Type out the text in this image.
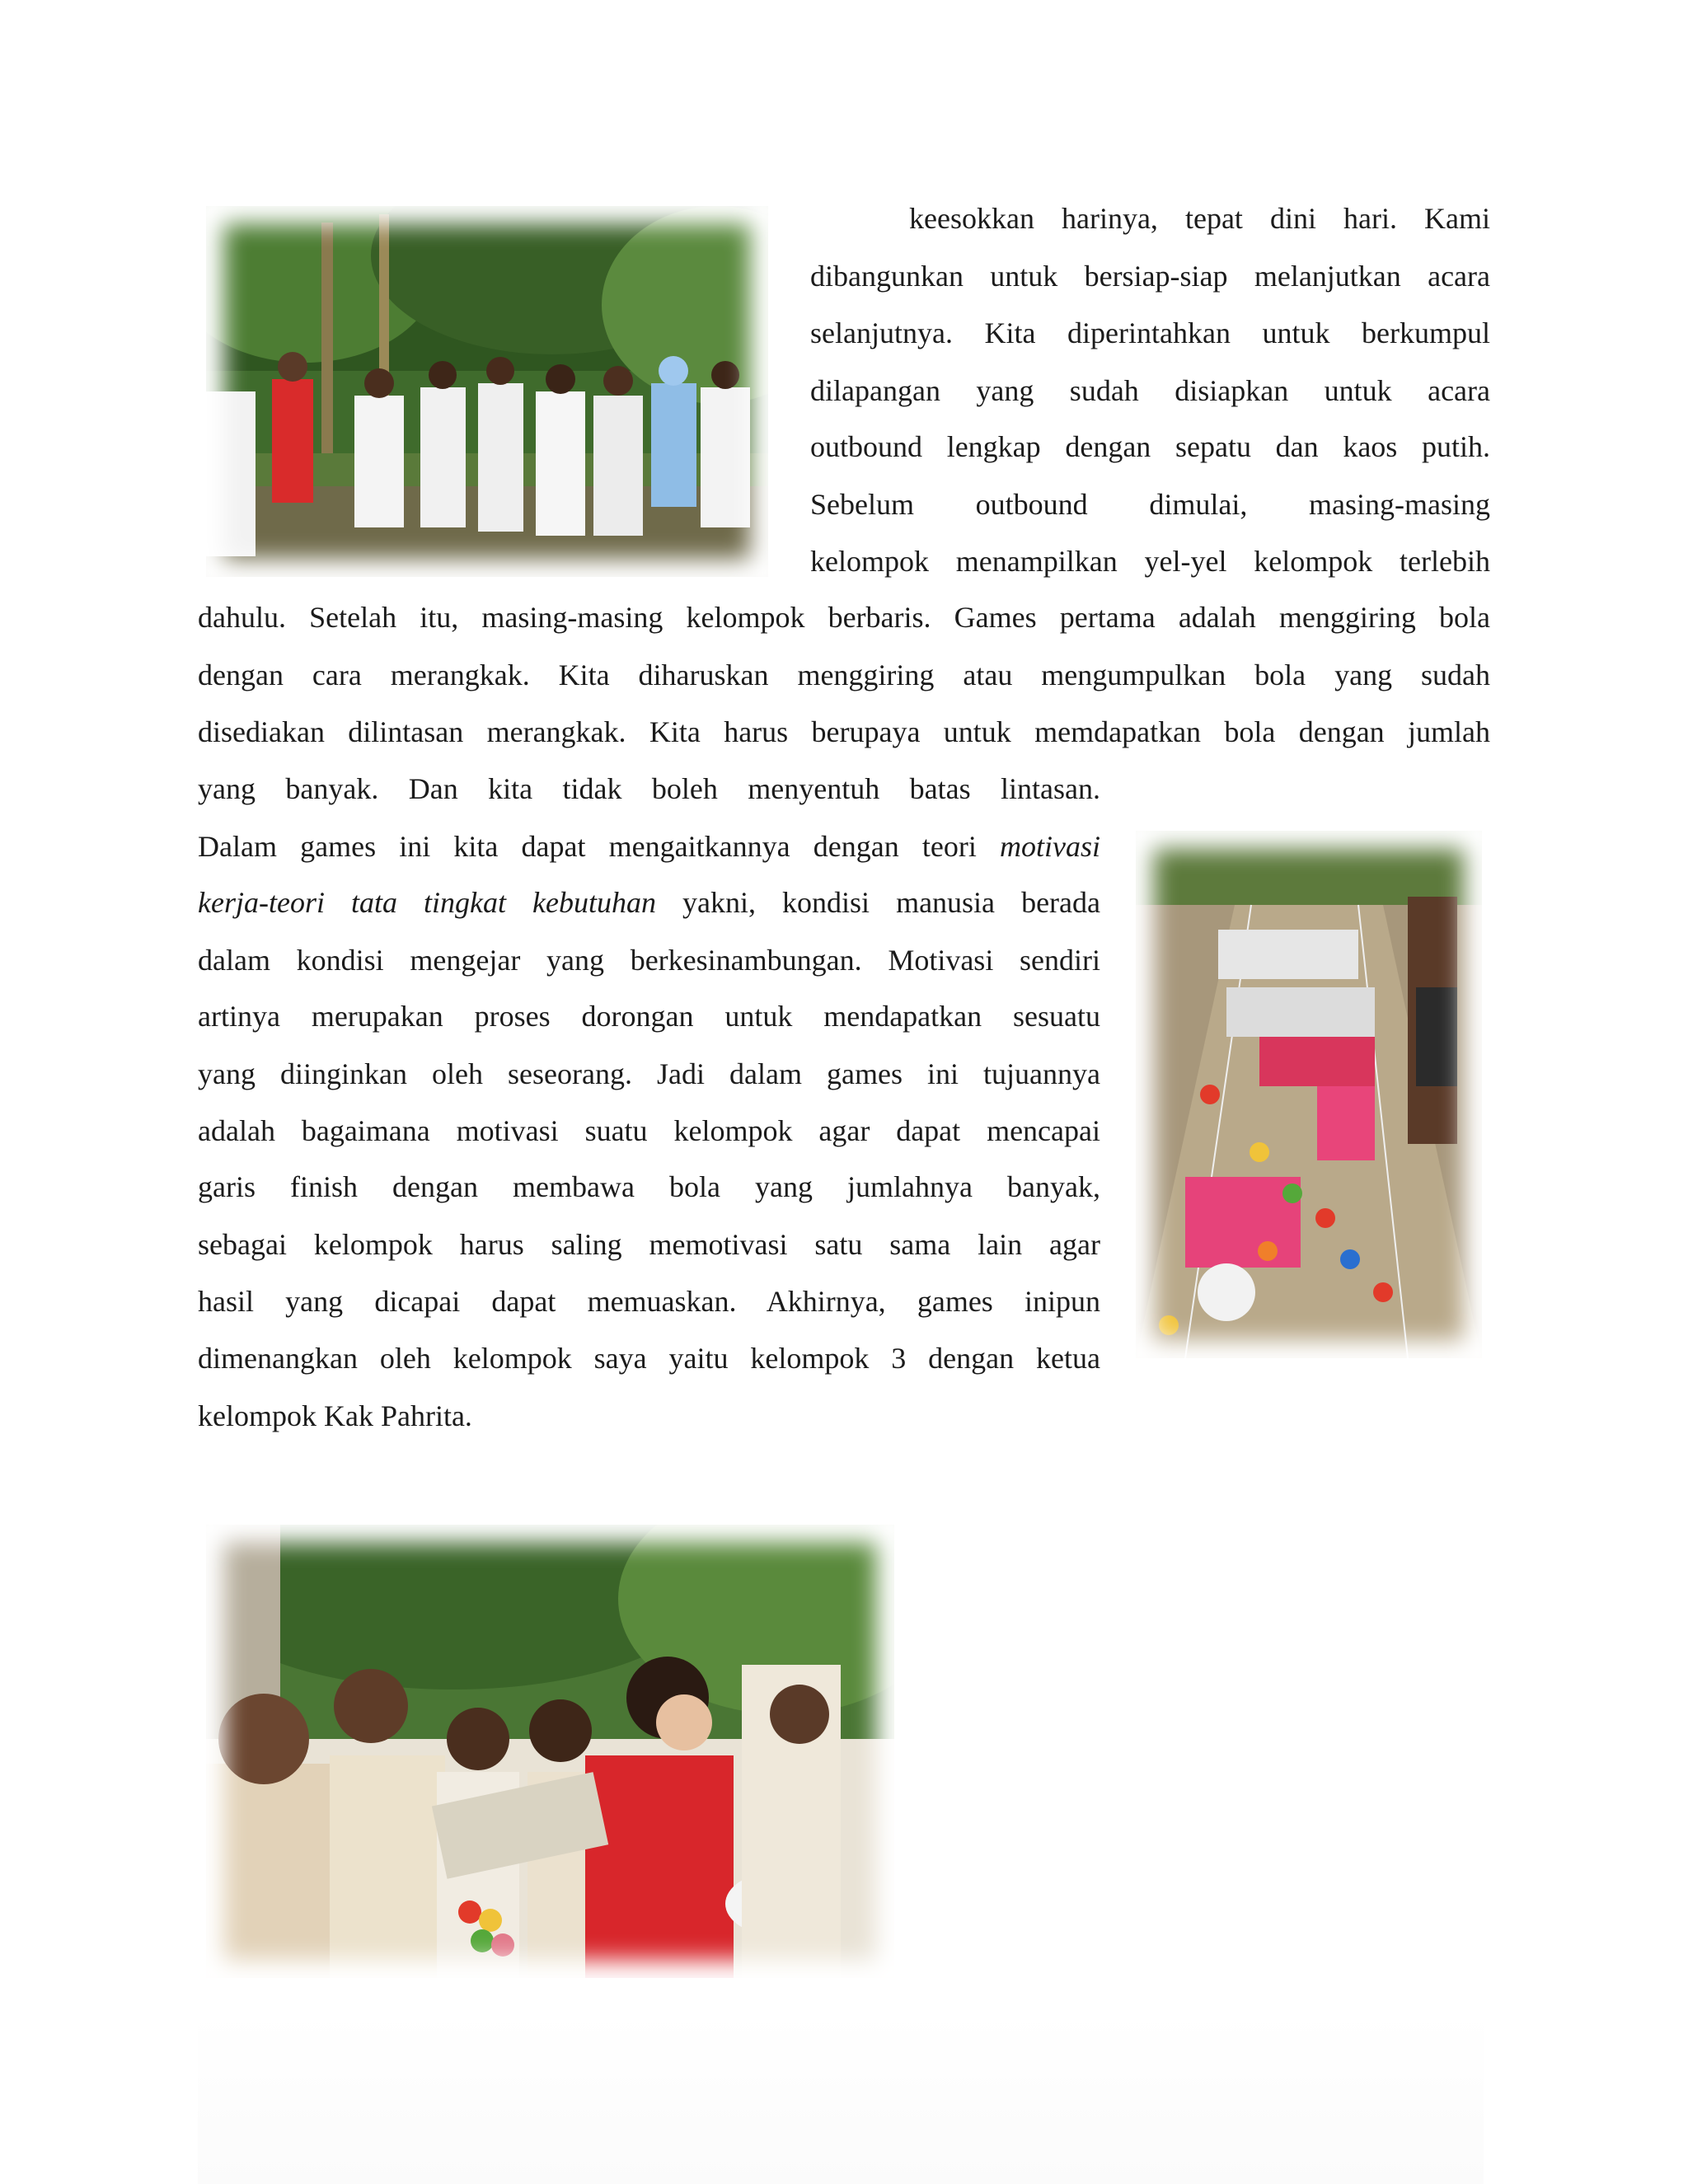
keesokkan harinya, tepat dini hari. Kami
dibangunkan untuk bersiap-siap melanjutkan acara
selanjutnya. Kita diperintahkan untuk berkumpul
dilapangan yang sudah disiapkan untuk acara
outbound lengkap dengan sepatu dan kaos putih.
Sebelum outbound dimulai, masing-masing
kelompok menampilkan yel-yel kelompok terlebih
dahulu. Setelah itu, masing-masing kelompok berbaris. Games pertama adalah menggiring bola
dengan cara merangkak. Kita diharuskan menggiring atau mengumpulkan bola yang sudah
disediakan dilintasan merangkak. Kita harus berupaya untuk memdapatkan bola dengan jumlah
yang banyak. Dan kita tidak boleh menyentuh batas lintasan.
Dalam games ini kita dapat mengaitkannya dengan teori motivasi
kerja-teori tata tingkat kebutuhan yakni, kondisi manusia berada
dalam kondisi mengejar yang berkesinambungan. Motivasi sendiri
artinya merupakan proses dorongan untuk mendapatkan sesuatu
yang diinginkan oleh seseorang. Jadi dalam games ini tujuannya
adalah bagaimana motivasi suatu kelompok agar dapat mencapai
garis finish dengan membawa bola yang jumlahnya banyak,
sebagai kelompok harus saling memotivasi satu sama lain agar
hasil yang dicapai dapat memuaskan. Akhirnya, games inipun
dimenangkan oleh kelompok saya yaitu kelompok 3 dengan ketua
kelompok Kak Pahrita.
